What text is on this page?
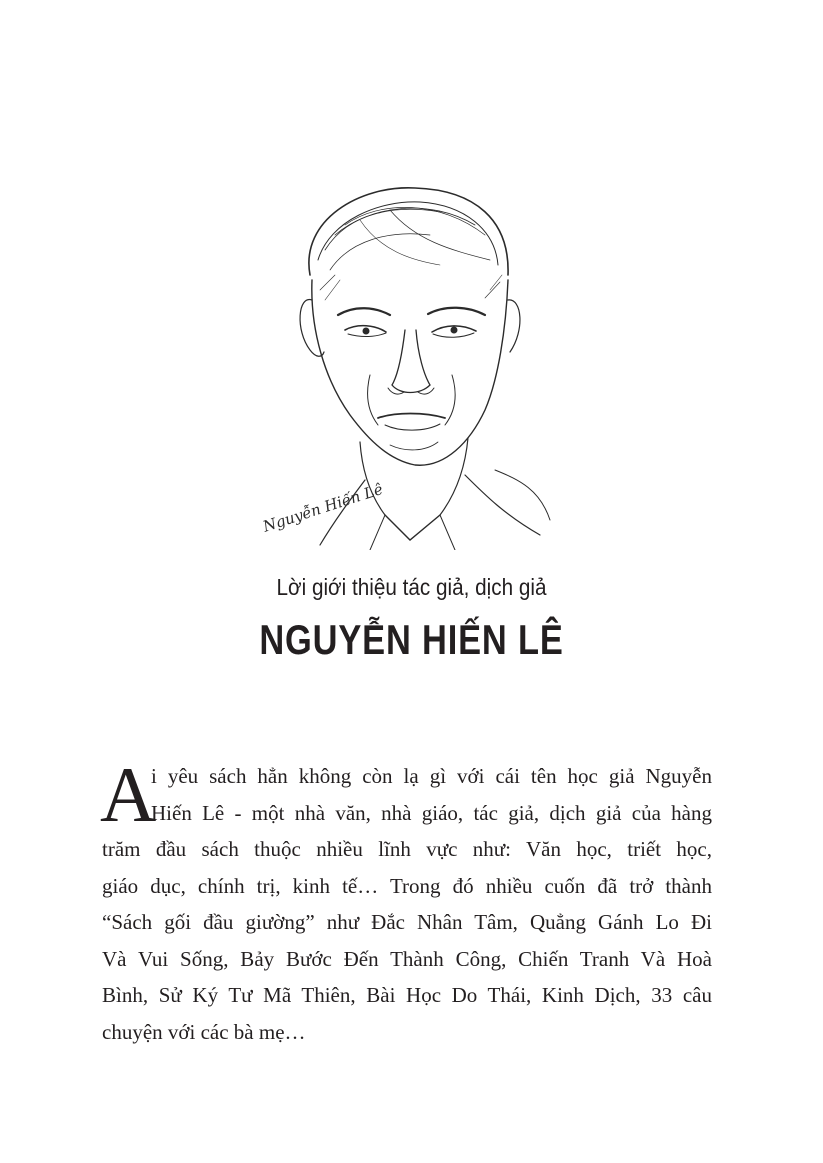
Nguyễn Hiến Lê
Lời giới thiệu tác giả, dịch giả
NGUYỄN HIẾN LÊ
A
i yêu sách hẳn không còn lạ gì với cái tên học giả Nguyễn
Hiến Lê - một nhà văn, nhà giáo, tác giả, dịch giả của hàng
trăm đầu sách thuộc nhiều lĩnh vực như: Văn học, triết học,
giáo dục, chính trị, kinh tế… Trong đó nhiều cuốn đã trở thành
“Sách gối đầu giường” như Đắc Nhân Tâm, Quẳng Gánh Lo Đi
Và Vui Sống, Bảy Bước Đến Thành Công, Chiến Tranh Và Hoà
Bình, Sử Ký Tư Mã Thiên, Bài Học Do Thái, Kinh Dịch, 33 câu
chuyện với các bà mẹ…
